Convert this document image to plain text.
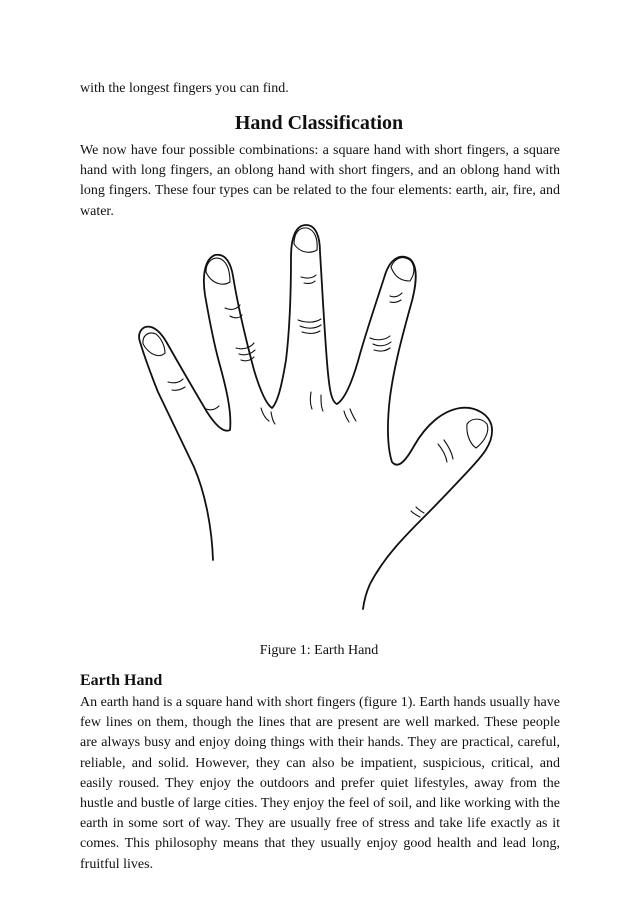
with the longest fingers you can find.
Hand Classification

We now have four possible combinations: a square hand with short fingers, a square hand with long fingers, an oblong hand with short fingers, and an oblong hand with long fingers. These four types can be related to the four elements: earth, air, fire, and water.

Figure 1: Earth Hand
Earth Hand

An earth hand is a square hand with short fingers (figure 1). Earth hands usually have few lines on them, though the lines that are present are well marked. These people are always busy and enjoy doing things with their hands. They are practical, careful, reliable, and solid. However, they can also be impatient, suspicious, critical, and easily roused. They enjoy the outdoors and prefer quiet lifestyles, away from the hustle and bustle of large cities. They enjoy the feel of soil, and like working with the earth in some sort of way. They are usually free of stress and take life exactly as it comes. This philosophy means that they usually enjoy good health and lead long, fruitful lives.
